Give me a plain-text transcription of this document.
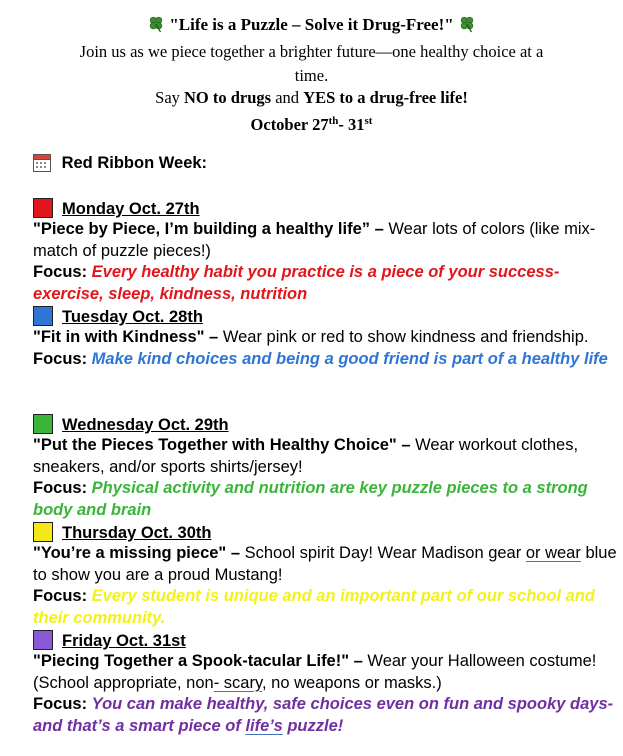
"Life is a Puzzle – Solve it Drug-Free!"
Join us as we piece together a brighter future—one healthy choice at a time.
Say NO to drugs and YES to a drug-free life!
October 27th- 31st
Red Ribbon Week:
Monday Oct. 27th
"Piece by Piece, I’m building a healthy life” – Wear lots of colors (like mix-match of puzzle pieces!)
Focus: Every healthy habit you practice is a piece of your success- exercise, sleep, kindness, nutrition
Tuesday Oct. 28th
"Fit in with Kindness" – Wear pink or red to show kindness and friendship.
Focus: Make kind choices and being a good friend is part of a healthy life
Wednesday Oct. 29th
"Put the Pieces Together with Healthy Choice" – Wear workout clothes, sneakers, and/or sports shirts/jersey!
Focus: Physical activity and nutrition are key puzzle pieces to a strong body and brain
Thursday Oct. 30th
"You’re a missing piece" – School spirit Day! Wear Madison gear or wear blue to show you are a proud Mustang!
Focus: Every student is unique and an important part of our school and their community.
Friday Oct. 31st
"Piecing Together a Spook-tacular Life!" – Wear your Halloween costume! (School appropriate, non- scary, no weapons or masks.)
Focus: You can make healthy, safe choices even on fun and spooky days- and that’s a smart piece of life’s puzzle!
